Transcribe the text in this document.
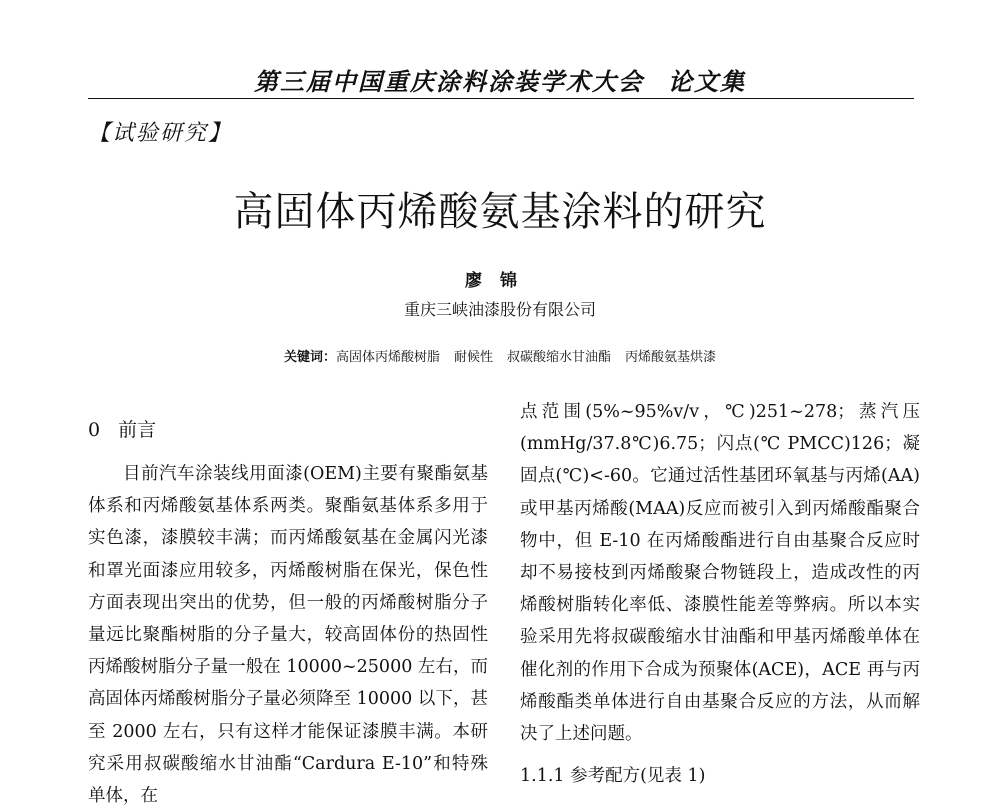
第三届中国重庆涂料涂装学术大会 论文集
【试验研究】
高固体丙烯酸氨基涂料的研究
廖锦
重庆三峡油漆股份有限公司
关键词：高固体丙烯酸树脂 耐候性 叔碳酸缩水甘油酯 丙烯酸氨基烘漆
0 前言

目前汽车涂装线用面漆(OEM)主要有聚酯氨基体系和丙烯酸氨基体系两类。聚酯氨基体系多用于实色漆，漆膜较丰满；而丙烯酸氨基在金属闪光漆和罩光面漆应用较多，丙烯酸树脂在保光，保色性方面表现出突出的优势，但一般的丙烯酸树脂分子量远比聚酯树脂的分子量大，较高固体份的热固性丙烯酸树脂分子量一般在 10000~25000 左右，而高固体丙烯酸树脂分子量必须降至 10000 以下，甚至 2000 左右，只有这样才能保证漆膜丰满。本研究采用叔碳酸缩水甘油酯“Cardura E-10”和特殊单体，在

点范围(5%~95%v/v，℃)251~278；蒸汽压(mmHg/37.8℃)6.75；闪点(℃ PMCC)126；凝固点(℃)<-60。它通过活性基团环氧基与丙烯(AA)或甲基丙烯酸(MAA)反应而被引入到丙烯酸酯聚合物中，但 E-10 在丙烯酸酯进行自由基聚合反应时却不易接枝到丙烯酸聚合物链段上，造成改性的丙烯酸树脂转化率低、漆膜性能差等弊病。所以本实验采用先将叔碳酸缩水甘油酯和甲基丙烯酸单体在催化剂的作用下合成为预聚体(ACE)，ACE 再与丙烯酸酯类单体进行自由基聚合反应的方法，从而解决了上述问题。

1.1.1 参考配方(见表 1)
